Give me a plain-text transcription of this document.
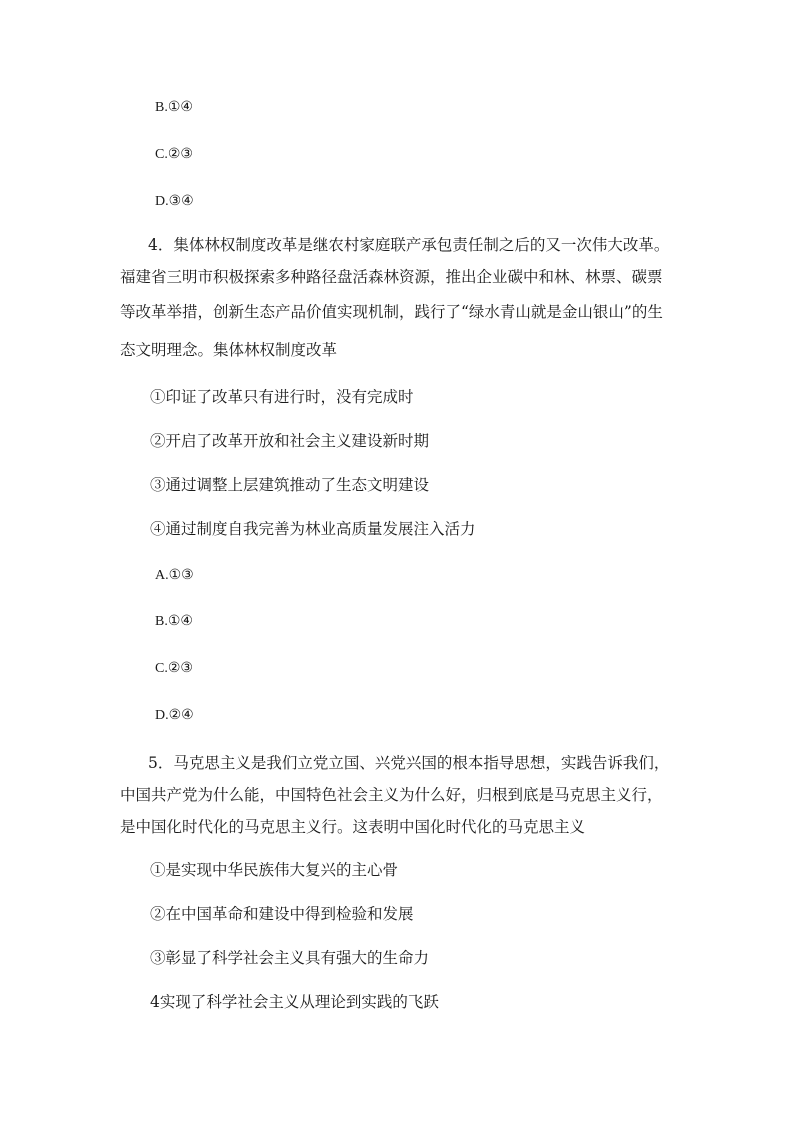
B.①④
C.②③
D.③④
4．集体林权制度改革是继农村家庭联产承包责任制之后的又一次伟大改革。
福建省三明市积极探索多种路径盘活森林资源，推出企业碳中和林、林票、碳票
等改革举措，创新生态产品价值实现机制，践行了“绿水青山就是金山银山”的生
态文明理念。集体林权制度改革
①印证了改革只有进行时，没有完成时
②开启了改革开放和社会主义建设新时期
③通过调整上层建筑推动了生态文明建设
④通过制度自我完善为林业高质量发展注入活力
A.①③
B.①④
C.②③
D.②④
5．马克思主义是我们立党立国、兴党兴国的根本指导思想，实践告诉我们，
中国共产党为什么能，中国特色社会主义为什么好，归根到底是马克思主义行，
是中国化时代化的马克思主义行。这表明中国化时代化的马克思主义
①是实现中华民族伟大复兴的主心骨
②在中国革命和建设中得到检验和发展
③彰显了科学社会主义具有强大的生命力
4实现了科学社会主义从理论到实践的飞跃
